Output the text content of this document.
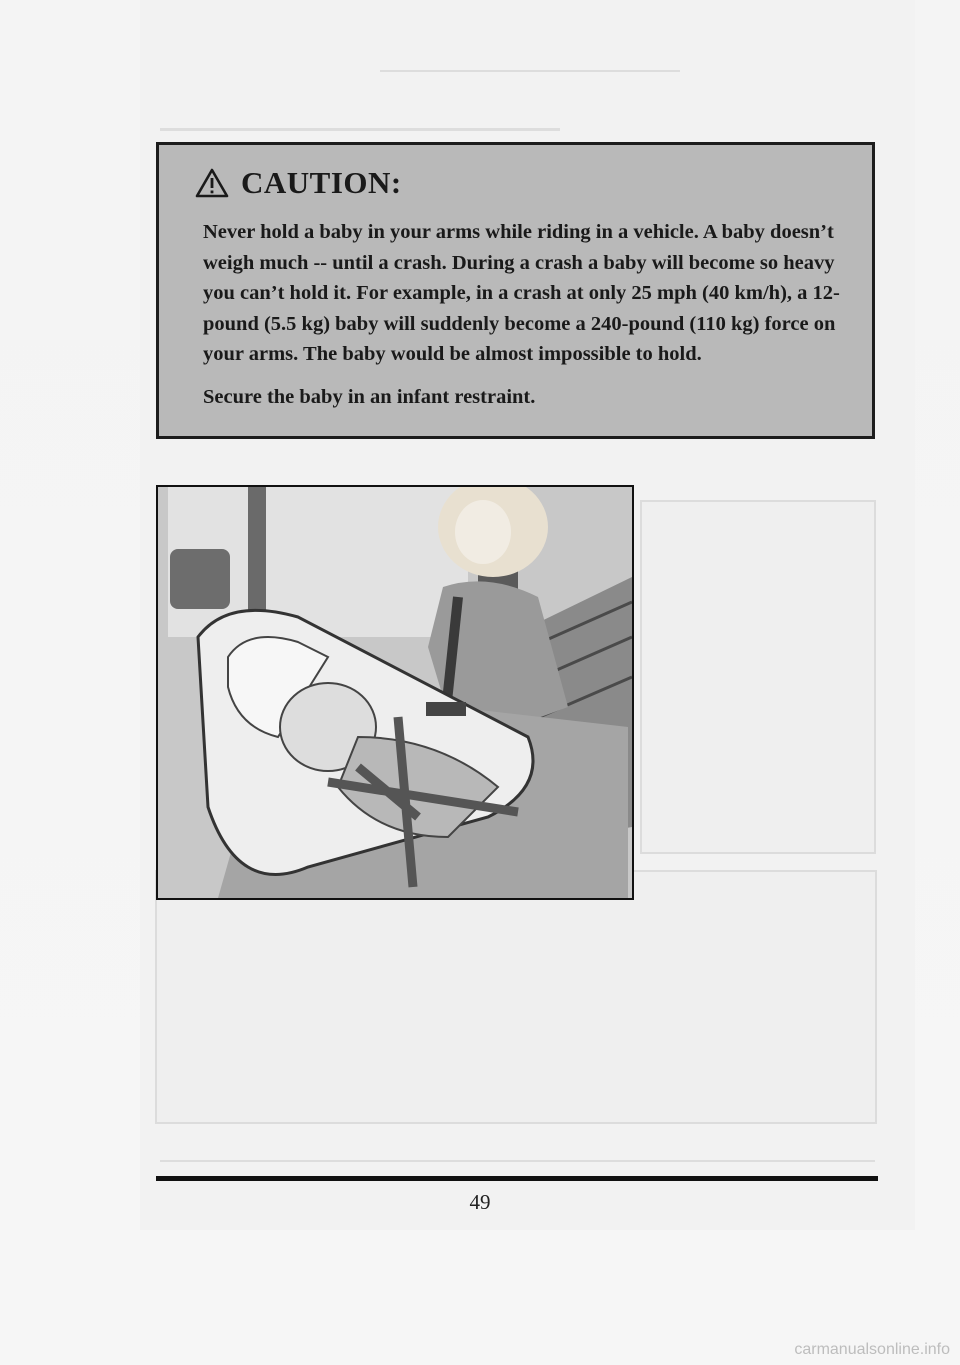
CAUTION:

Never hold a baby in your arms while riding in a vehicle. A baby doesn’t weigh much -- until a crash. During a crash a baby will become so heavy you can’t hold it. For example, in a crash at only 25 mph (40 km/h), a 12-pound (5.5 kg) baby will suddenly become a 240-pound (110 kg) force on your arms. The baby would be almost impossible to hold.

Secure the baby in an infant restraint.

49
carmanualsonline.info
